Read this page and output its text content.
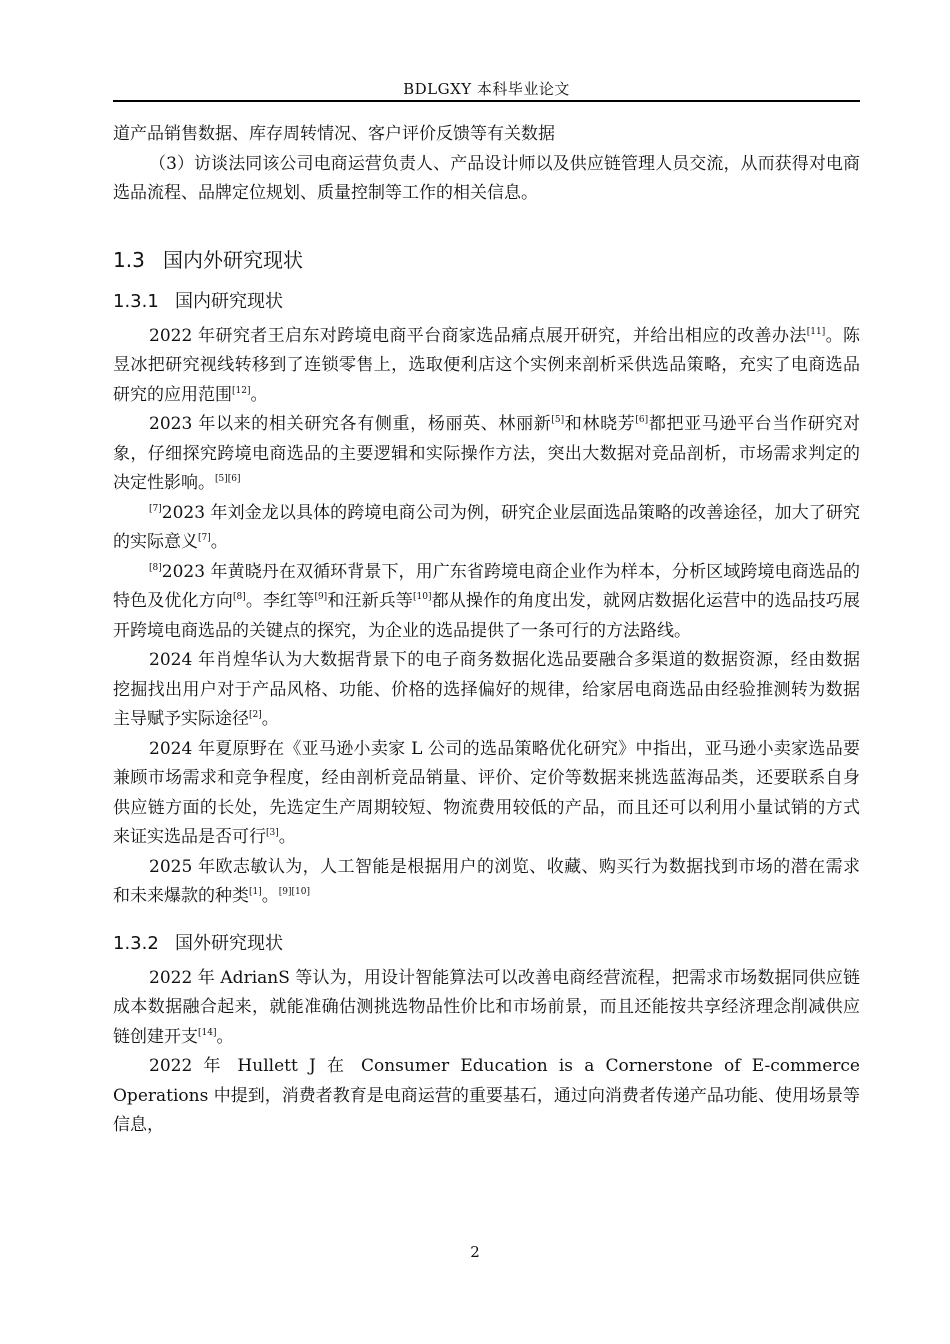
BDLGXY 本科毕业论文

道产品销售数据、库存周转情况、客户评价反馈等有关数据

（3）访谈法同该公司电商运营负责人、产品设计师以及供应链管理人员交流，从而获得对电商选品流程、品牌定位规划、质量控制等工作的相关信息。

1.3 国内外研究现状
1.3.1 国内研究现状

2022 年研究者王启东对跨境电商平台商家选品痛点展开研究，并给出相应的改善办法[11]。陈昱冰把研究视线转移到了连锁零售上，选取便利店这个实例来剖析采供选品策略，充实了电商选品研究的应用范围[12]。

2023 年以来的相关研究各有侧重，杨丽英、林丽新[5]和林晓芳[6]都把亚马逊平台当作研究对象，仔细探究跨境电商选品的主要逻辑和实际操作方法，突出大数据对竞品剖析，市场需求判定的决定性影响。[5][6]

[7]2023 年刘金龙以具体的跨境电商公司为例，研究企业层面选品策略的改善途径，加大了研究的实际意义[7]。

[8]2023 年黄晓丹在双循环背景下，用广东省跨境电商企业作为样本，分析区域跨境电商选品的特色及优化方向[8]。李红等[9]和汪新兵等[10]都从操作的角度出发，就网店数据化运营中的选品技巧展开跨境电商选品的关键点的探究，为企业的选品提供了一条可行的方法路线。

2024 年肖煌华认为大数据背景下的电子商务数据化选品要融合多渠道的数据资源，经由数据挖掘找出用户对于产品风格、功能、价格的选择偏好的规律，给家居电商选品由经验推测转为数据主导赋予实际途径[2]。

2024 年夏原野在《亚马逊小卖家 L 公司的选品策略优化研究》中指出，亚马逊小卖家选品要兼顾市场需求和竞争程度，经由剖析竞品销量、评价、定价等数据来挑选蓝海品类，还要联系自身供应链方面的长处，先选定生产周期较短、物流费用较低的产品，而且还可以利用小量试销的方式来证实选品是否可行[3]。

2025 年欧志敏认为，人工智能是根据用户的浏览、收藏、购买行为数据找到市场的潜在需求和未来爆款的种类[1]。[9][10]

1.3.2 国外研究现状

2022 年 AdrianS 等认为，用设计智能算法可以改善电商经营流程，把需求市场数据同供应链成本数据融合起来，就能准确估测挑选物品性价比和市场前景，而且还能按共享经济理念削减供应链创建开支[14]。

2022 年 Hullett J 在 Consumer Education is a Cornerstone of E-commerce Operations 中提到，消费者教育是电商运营的重要基石，通过向消费者传递产品功能、使用场景等信息，

2
